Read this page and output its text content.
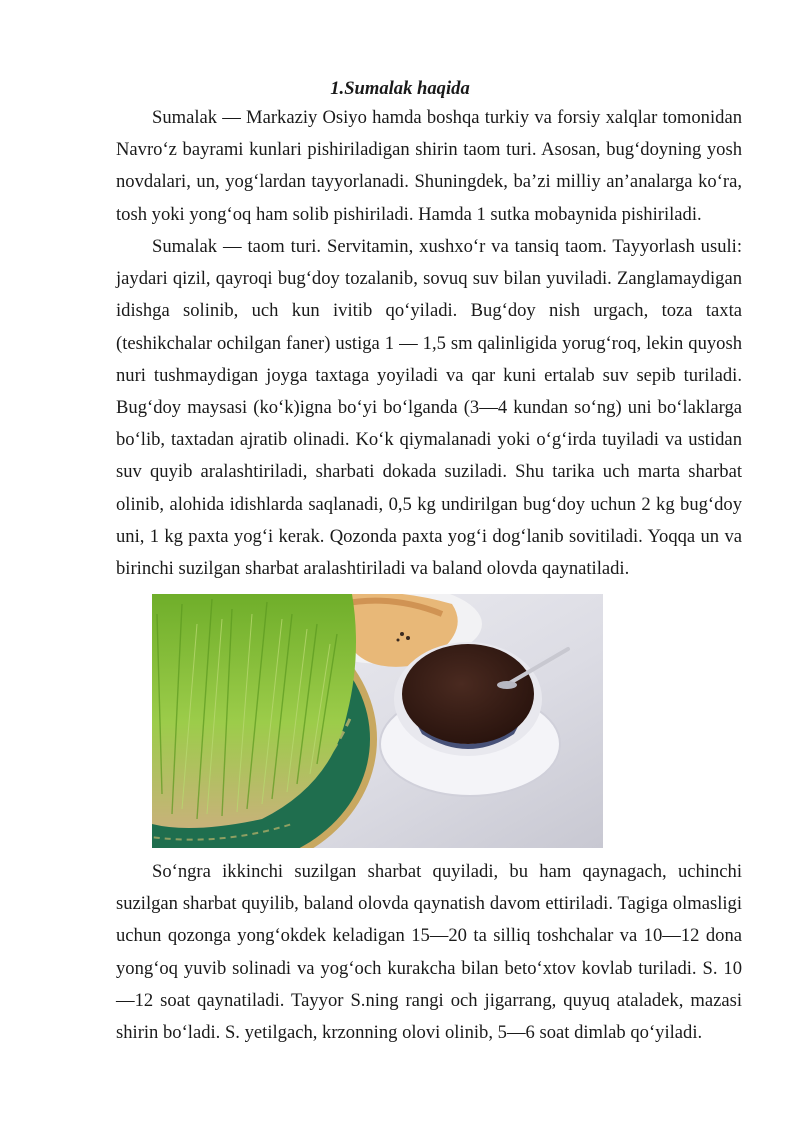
1.Sumalak haqida

Sumalak — Markaziy Osiyo hamda boshqa turkiy va forsiy xalqlar tomonidan Navro‘z bayrami kunlari pishiriladigan shirin taom turi. Asosan, bug‘doyning yosh novdalari, un, yog‘lardan tayyorlanadi. Shuningdek, ba’zi milliy an’analarga ko‘ra, tosh yoki yong‘oq ham solib pishiriladi. Hamda 1 sutka mobaynida pishiriladi.

Sumalak — taom turi. Servitamin, xushxo‘r va tansiq taom. Tayyorlash usuli: jaydari qizil, qayroqi bug‘doy tozalanib, sovuq suv bilan yuviladi. Zanglamaydigan idishga solinib, uch kun ivitib qo‘yiladi. Bug‘doy nish urgach, toza taxta (teshikchalar ochilgan faner) ustiga 1 — 1,5 sm qalinligida yorug‘roq, lekin quyosh nuri tushmaydigan joyga taxtaga yoyiladi va qar kuni ertalab suv sepib turiladi. Bug‘doy maysasi (ko‘k)igna bo‘yi bo‘lganda (3—4 kundan so‘ng) uni bo‘laklarga bo‘lib, taxtadan ajratib olinadi. Ko‘k qiymalanadi yoki o‘g‘irda tuyiladi va ustidan suv quyib aralashtiriladi, sharbati dokada suziladi. Shu tarika uch marta sharbat olinib, alohida idishlarda saqlanadi, 0,5 kg undirilgan bug‘doy uchun 2 kg bug‘doy uni, 1 kg paxta yog‘i kerak. Qozonda paxta yog‘i dog‘lanib sovitiladi. Yoqqa un va birinchi suzilgan sharbat aralashtiriladi va baland olovda qaynatiladi.

So‘ngra ikkinchi suzilgan sharbat quyiladi, bu ham qaynagach, uchinchi suzilgan sharbat quyilib, baland olovda qaynatish davom ettiriladi. Tagiga olmasligi uchun qozonga yong‘okdek keladigan 15—20 ta silliq toshchalar va 10—12 dona yong‘oq yuvib solinadi va yog‘och kurakcha bilan beto‘xtov kovlab turiladi. S. 10—12 soat qaynatiladi. Tayyor S.ning rangi och jigarrang, quyuq ataladek, mazasi shirin bo‘ladi. S. yetilgach, krzonning olovi olinib, 5—6 soat dimlab qo‘yiladi.
